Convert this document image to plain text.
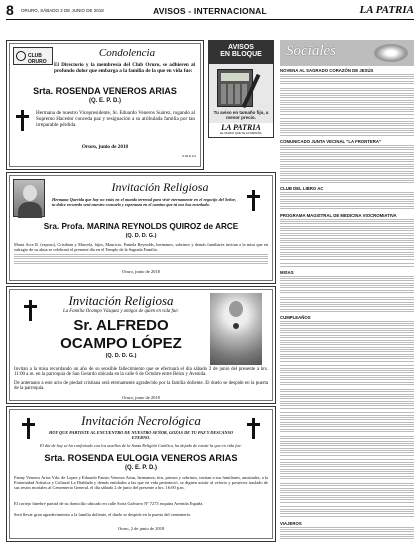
8 ORURO, SÁBADO 2 DE JUNIO DE 2018	AVISOS - INTERNACIONAL	LA PATRIA
CLUB ORURO
Condolencia
El Directorio y la membresía del Club Oruro, se adhieren al profundo dolor que embarga a la familia de la que en vida fue:
Srta. ROSENDA VENEROS ARIAS
(Q. E. P. D.)
Hermana de nuestro Vicepresidente, Sr. Eduardo Veneros Suárez, rogando al Supremo Hacedor conceda paz y resignación a su atribulada familia por tan irreparable pérdida.
Oruro, junio de 2018
6.49 E 1/1
AVISOS
EN BLOQUE
Tu aviso en tamaño fijo, a menor precio.
LA PATRIA
EL DIARIO QUE TE ACOMPAÑA
Invitación Religiosa
Hermana Querida que hoy no estás en el mundo terrenal para vivir eternamente en el regocijo del Señor, tu dulce recuerdo será nuestro consuelo y esperanza en el camino que tú nos has enseñado.
Sra. Profa. MARINA REYNOLDS QUIROZ de ARCE
(Q. D. D. G.)
Marta Arce R. (esposo), Cristhian y Marcela, hijos, Mauricio, Pamela Reynolds, hermanos, sobrinos y demás familiares invitan a la misa que en sufragio de su alma se celebrará el presente día en el Templo de la Sagrada Familia.
Oruro, junio de 2018
Invitación Religiosa
La Familia Ocampo Vásquez y amigos de quien en vida fue:
Sr. ALFREDO
OCAMPO LÓPEZ
(Q. D. D. G.)
Invitan a la misa recordando un año de su sensible fallecimiento que se efectuará el día sábado 2 de junio del presente a hrs. 11:00 a.m. en la parroquia de San Gerardo ubicada en la calle 6 de Octubre entre Belzu y Avenida.
De antemano a este acto de piedad cristiana será eternamente agradecido por la familia doliente. El duelo se despide en la puerta de la parroquia.
Oruro, junio de 2018
Invitación Necrológica
HOY QUE PARTISTE AL ENCUENTRO DE NUESTRO SEÑOR, GOZAS DE TU PAZ Y DESCANSO ETERNO.
El día de hoy se ha confortado con los auxilios de la Santa Religión Católica, ha dejado de existir la que en vida fue:
Srta. ROSENDA EULOGIA VENEROS ARIAS
(Q. E. P. D.)
Fanny Veneros Arias Vda. de Lopez y Eduardo Fausto Veneros Arias, hermanos; tíos, primos y sobrinos, invitan a sus familiares, amistades, a la Fraternidad Artística y Cultural La Diablada y demás entidades a las que en vida perteneció, se dignen asistir al velorio y posterior traslado de sus restos mortales al Cementerio General, el día sábado 2 de junio del presente a hrs. 16:00 p.m.
El cortejo fúnebre partirá de su domicilio ubicado en calle Soria Galvarro Nº 7273 esquina Avenida España.
Será llevar gran agradecimiento a la familia doliente, el duelo se despide en la puerta del cementerio.
Oruro, 2 de junio de 2018
Sociales
NOVENA AL SAGRADO CORAZÓN DE JESÚS
COMUNICADO JUNTA VECINAL "LA FRONTERA"
CLUB DEL LIBRO AC
PROGRAMA MAGISTRAL DE MEDICINA VIOCROMIATIVA
MISAS
CUMPLEAÑOS
VIAJEROS
